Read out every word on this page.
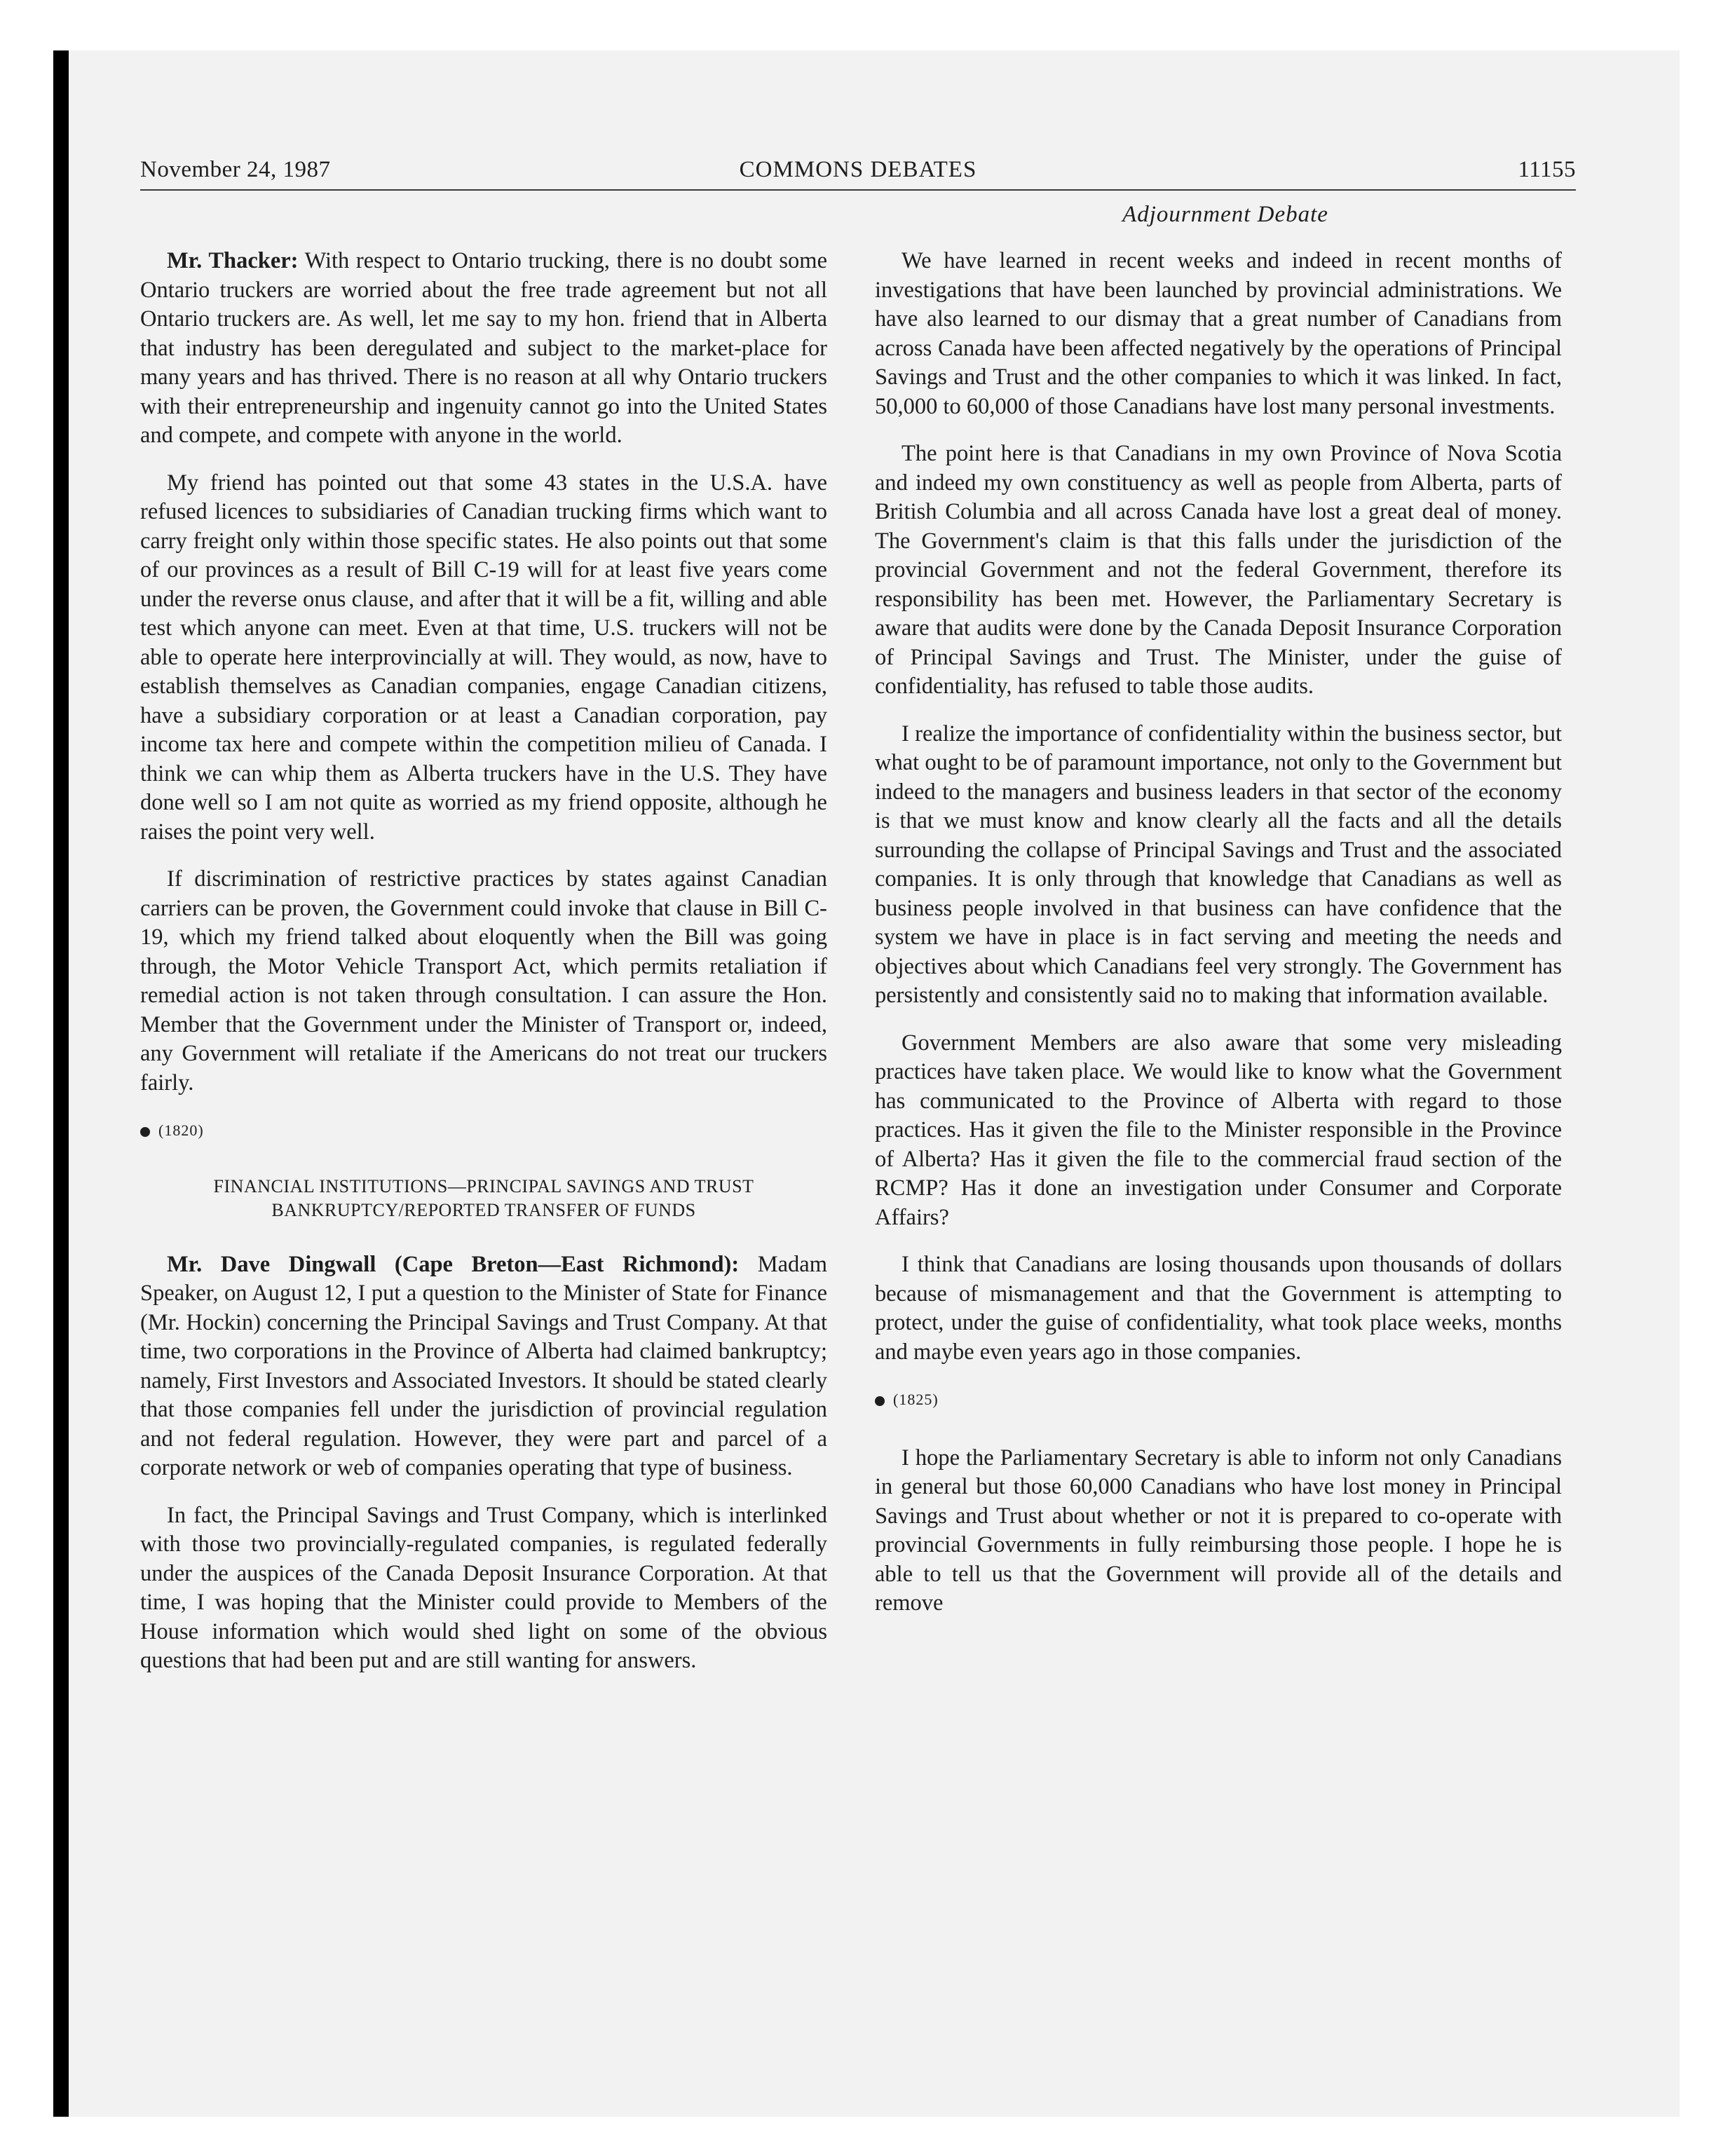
November 24, 1987	COMMONS DEBATES	11155
Adjournment Debate

Mr. Thacker: With respect to Ontario trucking, there is no doubt some Ontario truckers are worried about the free trade agreement but not all Ontario truckers are. As well, let me say to my hon. friend that in Alberta that industry has been deregulated and subject to the market-place for many years and has thrived. There is no reason at all why Ontario truckers with their entrepreneurship and ingenuity cannot go into the United States and compete, and compete with anyone in the world.

My friend has pointed out that some 43 states in the U.S.A. have refused licences to subsidiaries of Canadian trucking firms which want to carry freight only within those specific states. He also points out that some of our provinces as a result of Bill C-19 will for at least five years come under the reverse onus clause, and after that it will be a fit, willing and able test which anyone can meet. Even at that time, U.S. truckers will not be able to operate here interprovincially at will. They would, as now, have to establish themselves as Canadian companies, engage Canadian citizens, have a subsidiary corporation or at least a Canadian corporation, pay income tax here and compete within the competition milieu of Canada. I think we can whip them as Alberta truckers have in the U.S. They have done well so I am not quite as worried as my friend opposite, although he raises the point very well.

If discrimination of restrictive practices by states against Canadian carriers can be proven, the Government could invoke that clause in Bill C-19, which my friend talked about eloquently when the Bill was going through, the Motor Vehicle Transport Act, which permits retaliation if remedial action is not taken through consultation. I can assure the Hon. Member that the Government under the Minister of Transport or, indeed, any Government will retaliate if the Americans do not treat our truckers fairly.

(1820)
FINANCIAL INSTITUTIONS—PRINCIPAL SAVINGS AND TRUST
BANKRUPTCY/REPORTED TRANSFER OF FUNDS

Mr. Dave Dingwall (Cape Breton—East Richmond): Madam Speaker, on August 12, I put a question to the Minister of State for Finance (Mr. Hockin) concerning the Principal Savings and Trust Company. At that time, two corporations in the Province of Alberta had claimed bankruptcy; namely, First Investors and Associated Investors. It should be stated clearly that those companies fell under the jurisdiction of provincial regulation and not federal regulation. However, they were part and parcel of a corporate network or web of companies operating that type of business.

In fact, the Principal Savings and Trust Company, which is interlinked with those two provincially-regulated companies, is regulated federally under the auspices of the Canada Deposit Insurance Corporation. At that time, I was hoping that the Minister could provide to Members of the House information which would shed light on some of the obvious questions that had been put and are still wanting for answers.

We have learned in recent weeks and indeed in recent months of investigations that have been launched by provincial administrations. We have also learned to our dismay that a great number of Canadians from across Canada have been affected negatively by the operations of Principal Savings and Trust and the other companies to which it was linked. In fact, 50,000 to 60,000 of those Canadians have lost many personal investments.

The point here is that Canadians in my own Province of Nova Scotia and indeed my own constituency as well as people from Alberta, parts of British Columbia and all across Canada have lost a great deal of money. The Government's claim is that this falls under the jurisdiction of the provincial Government and not the federal Government, therefore its responsibility has been met. However, the Parliamentary Secretary is aware that audits were done by the Canada Deposit Insurance Corporation of Principal Savings and Trust. The Minister, under the guise of confidentiality, has refused to table those audits.

I realize the importance of confidentiality within the business sector, but what ought to be of paramount importance, not only to the Government but indeed to the managers and business leaders in that sector of the economy is that we must know and know clearly all the facts and all the details surrounding the collapse of Principal Savings and Trust and the associated companies. It is only through that knowledge that Canadians as well as business people involved in that business can have confidence that the system we have in place is in fact serving and meeting the needs and objectives about which Canadians feel very strongly. The Government has persistently and consistently said no to making that information available.

Government Members are also aware that some very misleading practices have taken place. We would like to know what the Government has communicated to the Province of Alberta with regard to those practices. Has it given the file to the Minister responsible in the Province of Alberta? Has it given the file to the commercial fraud section of the RCMP? Has it done an investigation under Consumer and Corporate Affairs?

I think that Canadians are losing thousands upon thousands of dollars because of mismanagement and that the Government is attempting to protect, under the guise of confidentiality, what took place weeks, months and maybe even years ago in those companies.

(1825)

I hope the Parliamentary Secretary is able to inform not only Canadians in general but those 60,000 Canadians who have lost money in Principal Savings and Trust about whether or not it is prepared to co-operate with provincial Governments in fully reimbursing those people. I hope he is able to tell us that the Government will provide all of the details and remove
